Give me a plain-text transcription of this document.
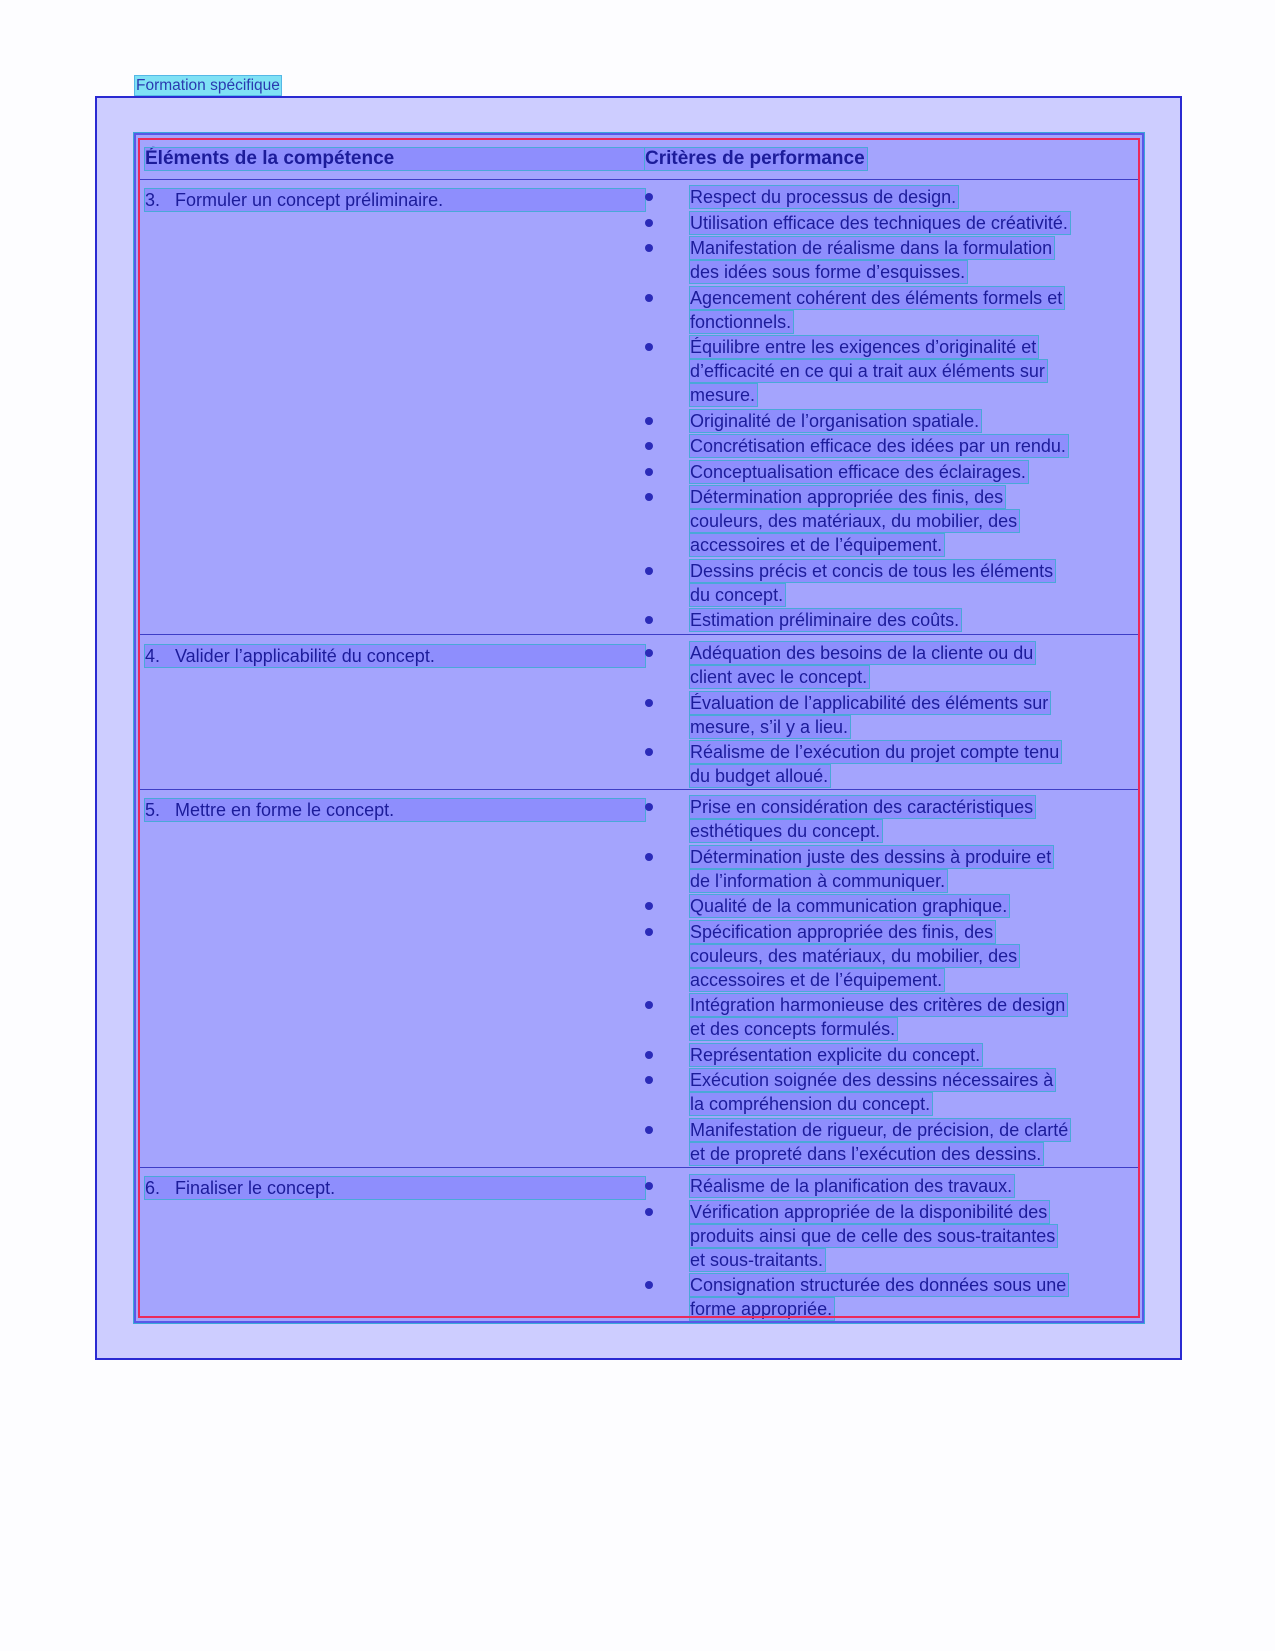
Formation spécifique
Éléments de la compétence	Critères de performance
3. Formuler un concept préliminaire.	Respect du processus de design.
Utilisation efficace des techniques de créativité.
Manifestation de réalisme dans la formulation
des idées sous forme d’esquisses.
Agencement cohérent des éléments formels et
fonctionnels.
Équilibre entre les exigences d’originalité et
d’efficacité en ce qui a trait aux éléments sur
mesure.
Originalité de l’organisation spatiale.
Concrétisation efficace des idées par un rendu.
Conceptualisation efficace des éclairages.
Détermination appropriée des finis, des
couleurs, des matériaux, du mobilier, des
accessoires et de l’équipement.
Dessins précis et concis de tous les éléments
du concept.
Estimation préliminaire des coûts.
4. Valider l’applicabilité du concept.	Adéquation des besoins de la cliente ou du
client avec le concept.
Évaluation de l’applicabilité des éléments sur
mesure, s’il y a lieu.
Réalisme de l’exécution du projet compte tenu
du budget alloué.
5. Mettre en forme le concept.	Prise en considération des caractéristiques
esthétiques du concept.
Détermination juste des dessins à produire et
de l’information à communiquer.
Qualité de la communication graphique.
Spécification appropriée des finis, des
couleurs, des matériaux, du mobilier, des
accessoires et de l’équipement.
Intégration harmonieuse des critères de design
et des concepts formulés.
Représentation explicite du concept.
Exécution soignée des dessins nécessaires à
la compréhension du concept.
Manifestation de rigueur, de précision, de clarté
et de propreté dans l’exécution des dessins.
6. Finaliser le concept.	Réalisme de la planification des travaux.
Vérification appropriée de la disponibilité des
produits ainsi que de celle des sous-traitantes
et sous-traitants.
Consignation structurée des données sous une
forme appropriée.
